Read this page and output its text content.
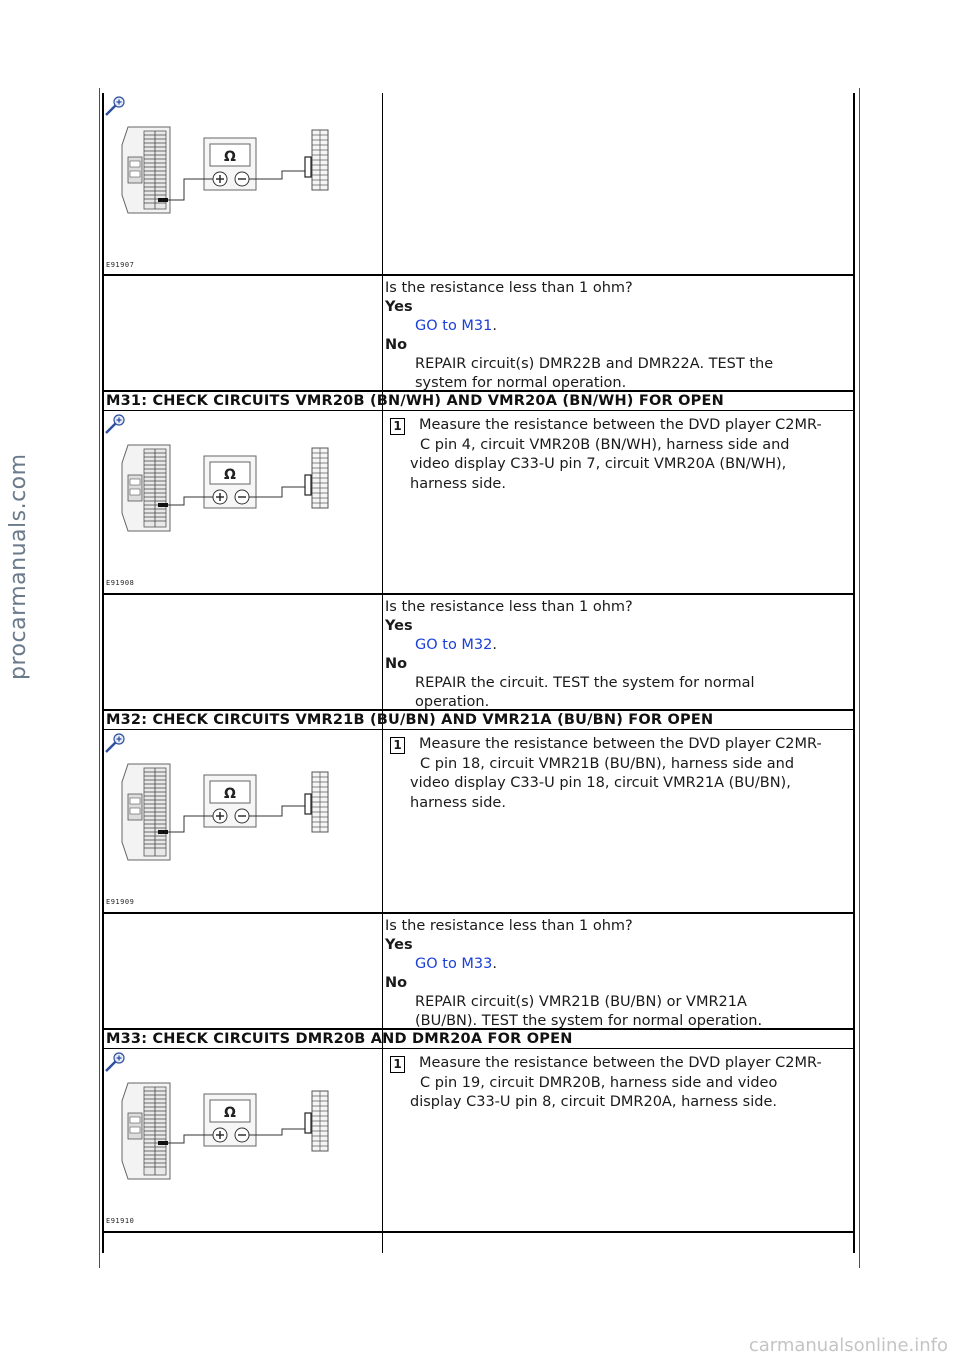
Ω
E91907
Is the resistance less than 1 ohm?
Yes
GO to M31.
No
REPAIR circuit(s) DMR22B and DMR22A. TEST the
system for normal operation.
M31: CHECK CIRCUITS VMR20B (BN/WH) AND VMR20A (BN/WH) FOR OPEN
Ω
E91908
1 Measure the resistance between the DVD player C2MR-
C pin 4, circuit VMR20B (BN/WH), harness side and
video display C33-U pin 7, circuit VMR20A (BN/WH),
harness side.
Is the resistance less than 1 ohm?
Yes
GO to M32.
No
REPAIR the circuit. TEST the system for normal
operation.
M32: CHECK CIRCUITS VMR21B (BU/BN) AND VMR21A (BU/BN) FOR OPEN
Ω
E91909
1 Measure the resistance between the DVD player C2MR-
C pin 18, circuit VMR21B (BU/BN), harness side and
video display C33-U pin 18, circuit VMR21A (BU/BN),
harness side.
Is the resistance less than 1 ohm?
Yes
GO to M33.
No
REPAIR circuit(s) VMR21B (BU/BN) or VMR21A
(BU/BN). TEST the system for normal operation.
M33: CHECK CIRCUITS DMR20B AND DMR20A FOR OPEN
Ω
E91910
1 Measure the resistance between the DVD player C2MR-
C pin 19, circuit DMR20B, harness side and video
display C33-U pin 8, circuit DMR20A, harness side.
procarmanuals.com
carmanualsonline.info
